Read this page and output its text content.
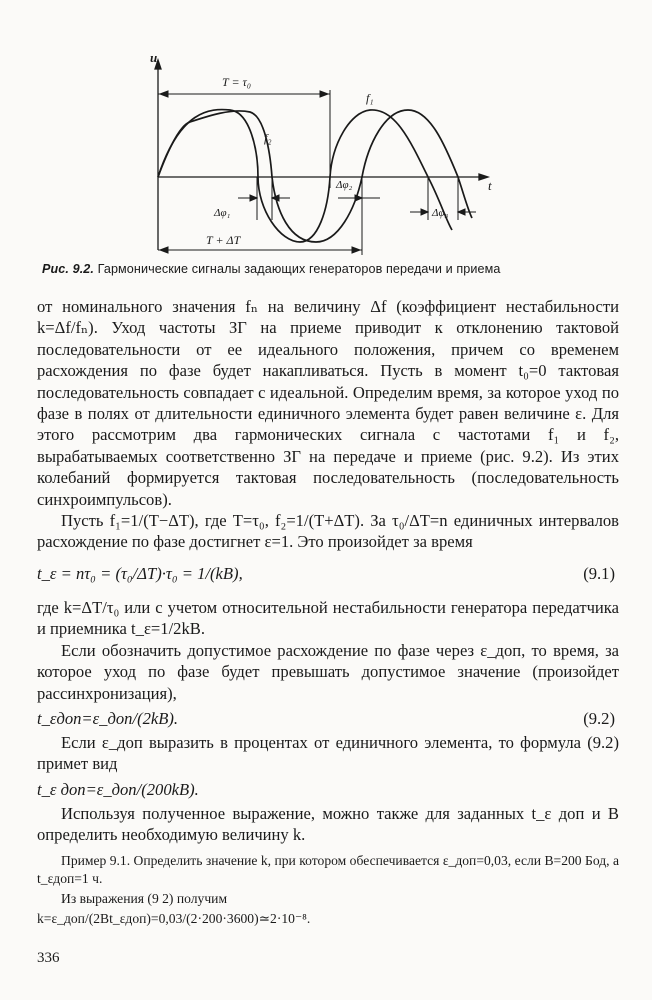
u
t
T = τ₀
f₁
f₂
Δφ₁
Δφ₂
Δφ₃
T + ΔT
Рис. 9.2. Гармонические сигналы задающих генераторов передачи и приема

от номинального значения fₙ на величину Δf (коэффициент нестабильности k=Δf/fₙ). Уход частоты ЗГ на приеме приводит к отклонению тактовой последовательности от ее идеального положения, причем со временем расхождения по фазе будет накапливаться. Пусть в момент t₀=0 тактовая последовательность совпадает с идеальной. Определим время, за которое уход по фазе в полях от длительности единичного элемента будет равен величине ε. Для этого рассмотрим два гармонических сигнала с частотами f₁ и f₂, вырабатываемых соответственно ЗГ на передаче и приеме (рис. 9.2). Из этих колебаний формируется тактовая последовательность (последовательность синхроимпульсов).

Пусть f₁=1/(T−ΔT), где T=τ₀, f₂=1/(T+ΔT). За τ₀/ΔT=n единичных интервалов расхождение по фазе достигнет ε=1. Это произойдет за время

t_ε = nτ₀ = (τ₀/ΔT)·τ₀ = 1/(kB),	(9.1)

где k=ΔT/τ₀ или с учетом относительной нестабильности генератора передатчика и приемника t_ε=1/2kB.

Если обозначить допустимое расхождение по фазе через ε_доп, то время, за которое уход по фазе будет превышать допустимое значение (произойдет рассинхронизация),

t_εдоп=ε_доп/(2kB).	(9.2)

Если ε_доп выразить в процентах от единичного элемента, то формула (9.2) примет вид

t_ε доп=ε_доп/(200kB).

Используя полученное выражение, можно также для заданных t_ε доп и B определить необходимую величину k.

Пример 9.1. Определить значение k, при котором обеспечивается ε_доп=0,03, если B=200 Бод, а t_εдоп=1 ч.

Из выражения (9 2) получим

k=ε_доп/(2Bt_εдоп)=0,03/(2·200·3600)≃2·10⁻⁸.

336
